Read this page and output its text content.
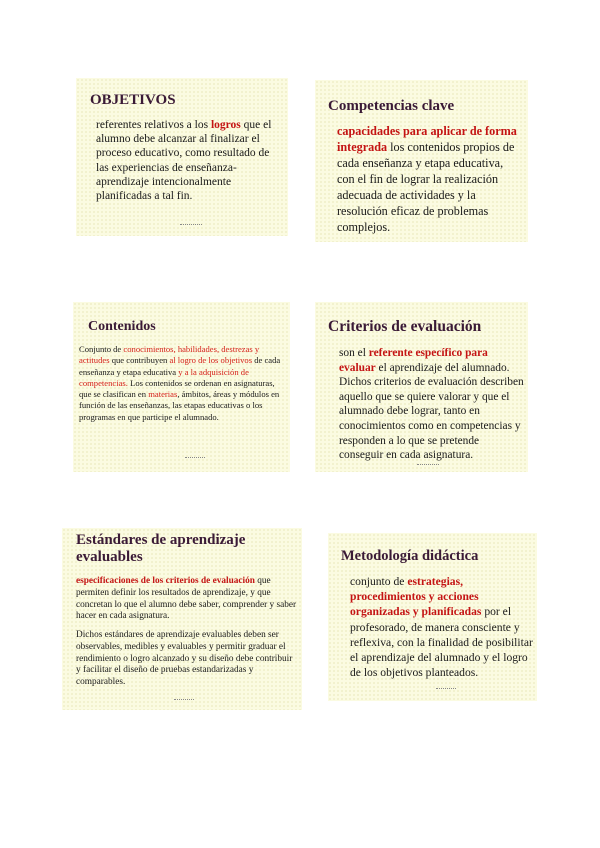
OBJETIVOS

referentes relativos a los logros que el alumno debe alcanzar al finalizar el proceso educativo, como resultado de las experiencias de enseñanza-aprendizaje intencionalmente planificadas a tal fin.

Competencias clave

capacidades para aplicar de forma integrada los contenidos propios de cada enseñanza y etapa educativa, con el fin de lograr la realización adecuada de actividades y la resolución eficaz de problemas complejos.

Contenidos

Conjunto de conocimientos, habilidades, destrezas y actitudes que contribuyen al logro de los objetivos de cada enseñanza y etapa educativa y a la adquisición de competencias. Los contenidos se ordenan en asignaturas, que se clasifican en materias, ámbitos, áreas y módulos en función de las enseñanzas, las etapas educativas o los programas en que participe el alumnado.

Criterios de evaluación

son el referente específico para evaluar el aprendizaje del alumnado. Dichos criterios de evaluación describen aquello que se quiere valorar y que el alumnado debe lograr, tanto en conocimientos como en competencias y responden a lo que se pretende conseguir en cada asignatura.

Estándares de aprendizaje evaluables

especificaciones de los criterios de evaluación que permiten definir los resultados de aprendizaje, y que concretan lo que el alumno debe saber, comprender y saber hacer en cada asignatura.

Dichos estándares de aprendizaje evaluables deben ser observables, medibles y evaluables y permitir graduar el rendimiento o logro alcanzado y su diseño debe contribuir y facilitar el diseño de pruebas estandarizadas y comparables.

Metodología didáctica

conjunto de estrategias, procedimientos y acciones organizadas y planificadas por el profesorado, de manera consciente y reflexiva, con la finalidad de posibilitar el aprendizaje del alumnado y el logro de los objetivos planteados.
